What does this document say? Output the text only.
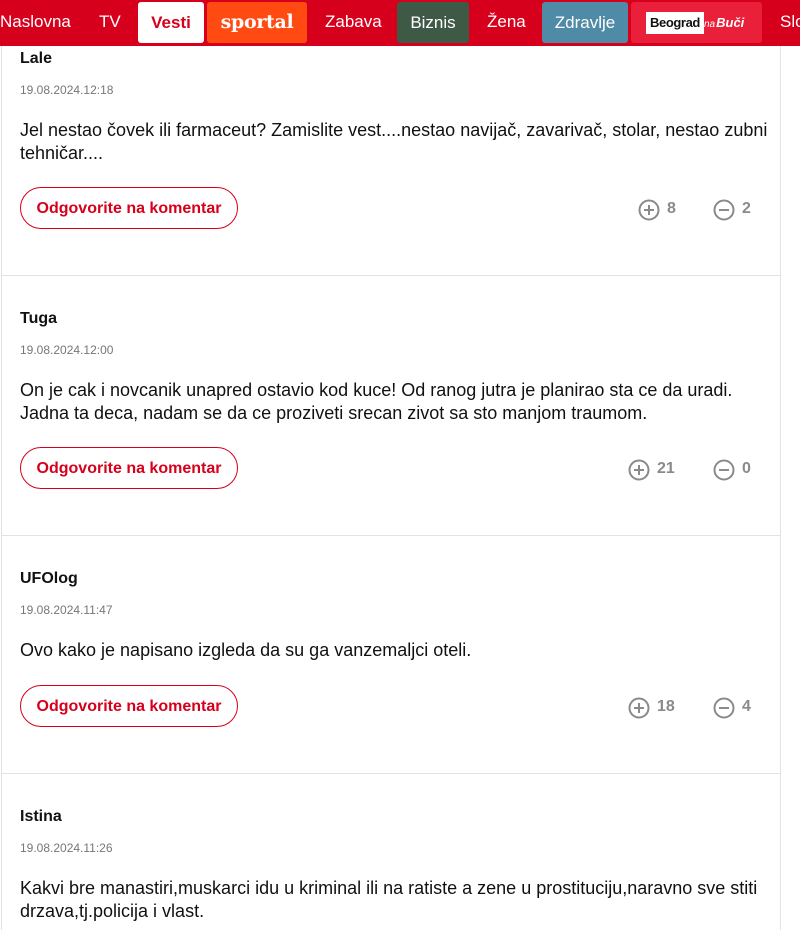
Naslovna TV	Vesti	sportal	Zabava	Biznis	Žena	Zdravlje	Beograd naBuči Slo
Lale
19.08.2024.12:18
Jel nestao čovek ili farmaceut? Zamislite vest....nestao navijač, zavarivač, stolar, nestao zubni tehničar....
Odgovorite na komentar	8	2
Tuga
19.08.2024.12:00
On je cak i novcanik unapred ostavio kod kuce! Od ranog jutra je planirao sta ce da uradi. Jadna ta deca, nadam se da ce proziveti srecan zivot sa sto manjom traumom.
Odgovorite na komentar	21	0
UFOlog
19.08.2024.11:47
Ovo kako je napisano izgleda da su ga vanzemaljci oteli.
Odgovorite na komentar	18	4
Istina
19.08.2024.11:26
Kakvi bre manastiri,muskarci idu u kriminal ili na ratiste a zene u prostituciju,naravno sve stiti drzava,tj.policija i vlast.
